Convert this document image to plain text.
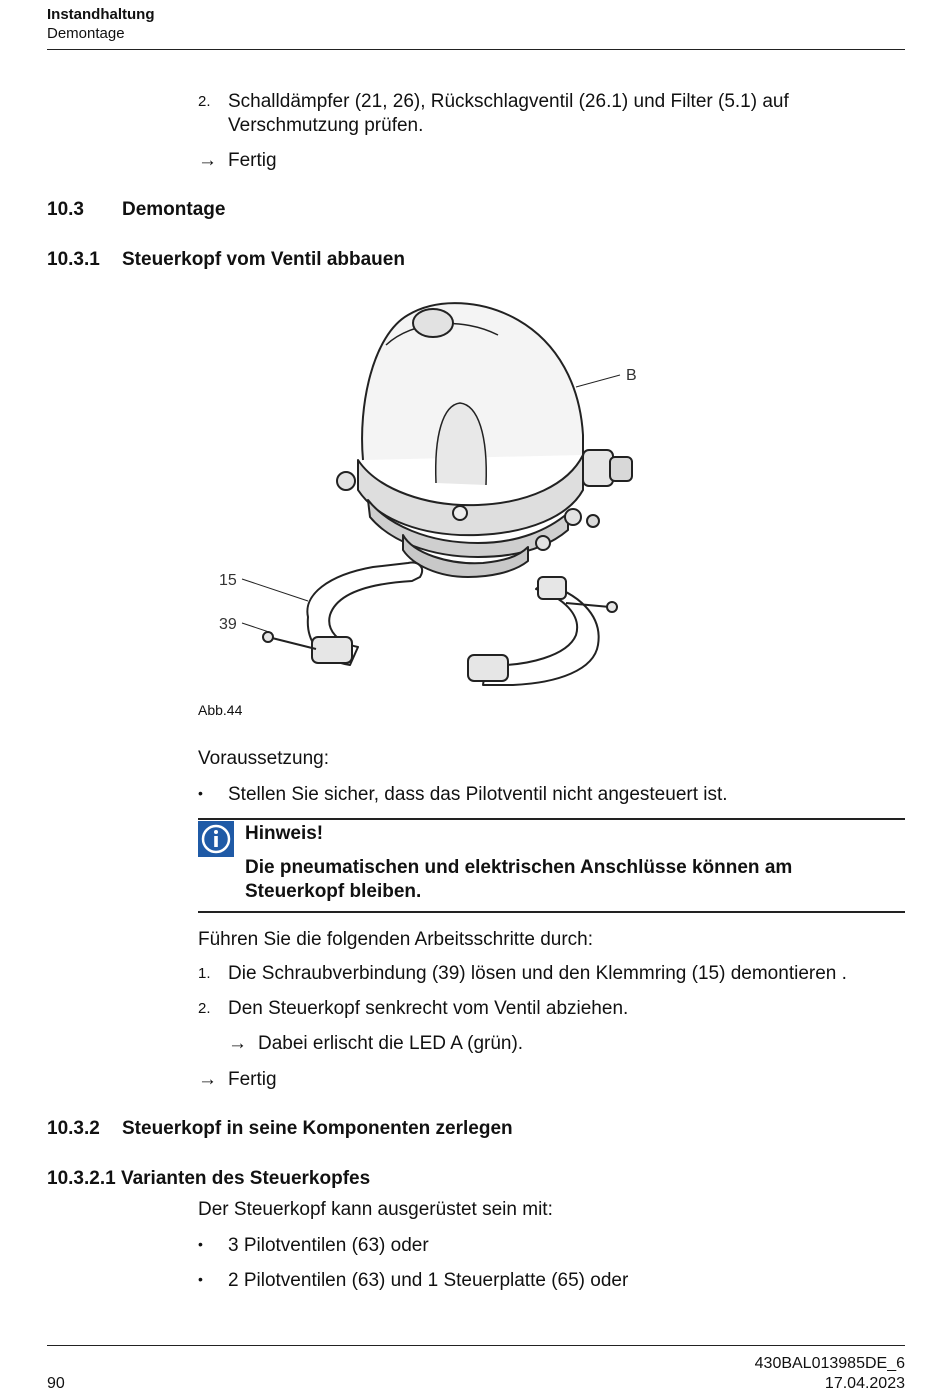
Instandhaltung
Demontage
2. Schalldämpfer (21, 26), Rückschlagventil (26.1) und Filter (5.1) auf
Verschmutzung prüfen.
→ Fertig
10.3 Demontage
10.3.1 Steuerkopf vom Ventil abbauen
B
15
39
Abb.44
Voraussetzung:
• Stellen Sie sicher, dass das Pilotventil nicht angesteuert ist.
Hinweis!
Die pneumatischen und elektrischen Anschlüsse können am
Steuerkopf bleiben.
Führen Sie die folgenden Arbeitsschritte durch:
1. Die Schraubverbindung (39) lösen und den Klemmring (15) demontieren .
2. Den Steuerkopf senkrecht vom Ventil abziehen.
→ Dabei erlischt die LED A (grün).
→ Fertig
10.3.2 Steuerkopf in seine Komponenten zerlegen
10.3.2.1 Varianten des Steuerkopfes
Der Steuerkopf kann ausgerüstet sein mit:
• 3 Pilotventilen (63) oder
• 2 Pilotventilen (63) und 1 Steuerplatte (65) oder
90
430BAL013985DE_6
17.04.2023
